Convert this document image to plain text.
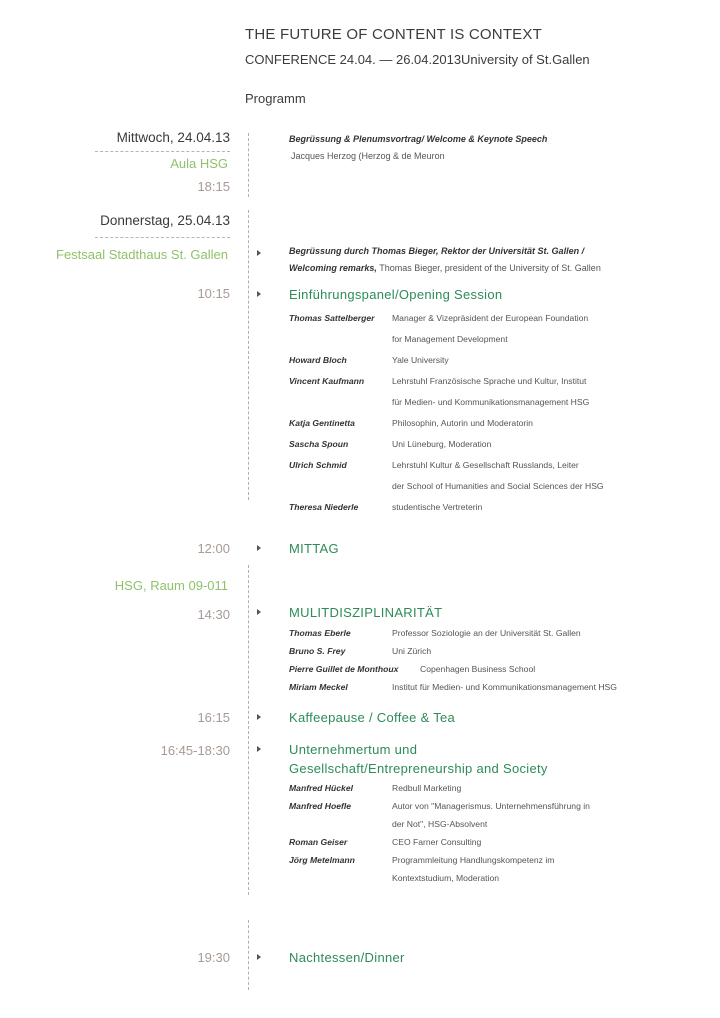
THE FUTURE OF CONTENT IS CONTEXT
CONFERENCE 24.04. — 26.04.2013University of St.Gallen
Programm
Mittwoch, 24.04.13
Aula HSG
18:15
Begrüssung & Plenumsvortrag/ Welcome & Keynote Speech
Jacques Herzog (Herzog & de Meuron
Donnerstag, 25.04.13
Festsaal Stadthaus St. Gallen	Begrüssung durch Thomas Bieger, Rektor der Universität St. Gallen /
Welcoming remarks, Thomas Bieger, president of the University of St. Gallen
10:15	Einführungspanel/Opening Session
Thomas Sattelberger Manager & Vizepräsident der European Foundation
for Management Development
Howard Bloch	Yale University
Vincent Kaufmann	Lehrstuhl Französische Sprache und Kultur, Institut
für Medien- und Kommunikationsmanagement HSG
Katja Gentinetta	Philosophin, Autorin und Moderatorin
Sascha Spoun	Uni Lüneburg, Moderation
Ulrich Schmid	Lehrstuhl Kultur & Gesellschaft Russlands, Leiter
der School of Humanities and Social Sciences der HSG
Theresa Niederle	studentische Vertreterin
12:00	MITTAG
HSG, Raum 09-011
14:30	MULITDISZIPLINARITÄT
Thomas Eberle	Professor Soziologie an der Universität St. Gallen
Bruno S. Frey	Uni Zürich
Pierre Guillet de Monthoux	Copenhagen Business School
Miriam Meckel	Institut für Medien- und Kommunikationsmanagement HSG
16:15	Kaffeepause / Coffee & Tea
16:45-18:30	Unternehmertum und
Gesellschaft/Entrepreneurship and Society
Manfred Hückel	Redbull Marketing
Manfred Hoefle	Autor von "Managerismus. Unternehmensführung in
der Not", HSG-Absolvent
Roman Geiser	CEO Farner Consulting
Jörg Metelmann	Programmleitung Handlungskompetenz im
Kontextstudium, Moderation
19:30	Nachtessen/Dinner
